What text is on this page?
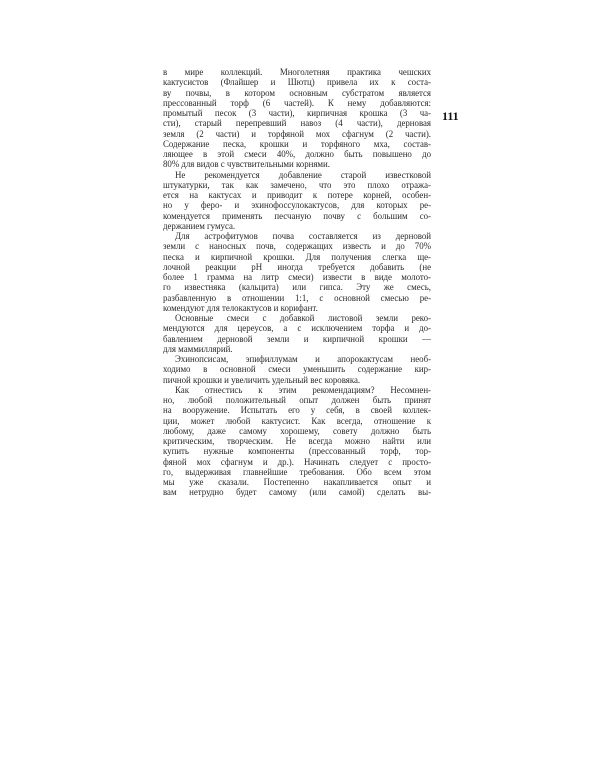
111
в мире коллекций. Многолетняя практика чешских
кактусистов (Флайшер и Шютц) привела их к соста-
ву почвы, в котором основным субстратом является
прессованный торф (6 частей). К нему добавляются:
промытый песок (3 части), кирпичная крошка (3 ча-
сти), старый перепревший навоз (4 части), дерновая
земля (2 части) и торфяной мох сфагнум (2 части).
Содержание песка, крошки и торфяного мха, состав-
ляющее в этой смеси 40%, должно быть повышено до
80% для видов с чувствительными корнями.
Не рекомендуется добавление старой известковой
штукатурки, так как замечено, что это плохо отража-
ется на кактусах и приводит к потере корней, особен-
но у феро- и эхинофоссулокактусов, для которых ре-
комендуется применять песчаную почву с большим со-
держанием гумуса.
Для астрофитумов почва составляется из дерновой
земли с наносных почв, содержащих известь и до 70%
песка и кирпичной крошки. Для получения слегка ще-
лочной реакции pH иногда требуется добавить (не
более 1 грамма на литр смеси) извести в виде молото-
го известняка (кальцита) или гипса. Эту же смесь,
разбавленную в отношении 1:1, с основной смесью ре-
комендуют для телокактусов и корифант.
Основные смеси с добавкой листовой земли реко-
мендуются для цереусов, а с исключением торфа и до-
бавлением дерновой земли и кирпичной крошки —
для маммиллярий.
Эхинопсисам, эпифиллумам и апорокактусам необ-
ходимо в основной смеси уменьшить содержание кир-
пичной крошки и увеличить удельный вес коровяка.
Как отнестись к этим рекомендациям? Несомнен-
но, любой положительный опыт должен быть принят
на вооружение. Испытать его у себя, в своей коллек-
ции, может любой кактусист. Как всегда, отношение к
любому, даже самому хорошему, совету должно быть
критическим, творческим. Не всегда можно найти или
купить нужные компоненты (прессованный торф, тор-
фяной мох сфагнум и др.). Начинать следует с просто-
го, выдерживая главнейшие требования. Обо всем этом
мы уже сказали. Постепенно накапливается опыт и
вам нетрудно будет самому (или самой) сделать вы-
